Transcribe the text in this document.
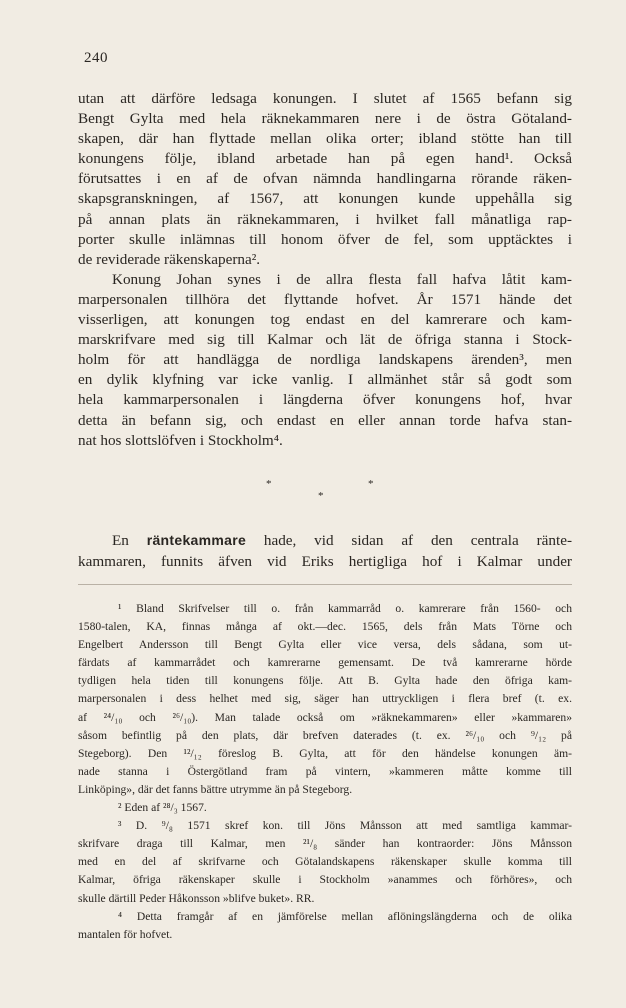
240
utan att därföre ledsaga konungen. I slutet af 1565 befann sig
Bengt Gylta med hela räknekammaren nere i de östra Götaland-
skapen, där han flyttade mellan olika orter; ibland stötte han till
konungens följe, ibland arbetade han på egen hand¹. Också
förutsattes i en af de ofvan nämnda handlingarna rörande räken-
skapsgranskningen, af 1567, att konungen kunde uppehålla sig
på annan plats än räknekammaren, i hvilket fall månatliga rap-
porter skulle inlämnas till honom öfver de fel, som upptäcktes i
de reviderade räkenskaperna².
Konung Johan synes i de allra flesta fall hafva låtit kam-
marpersonalen tillhöra det flyttande hofvet. År 1571 hände det
visserligen, att konungen tog endast en del kamrerare och kam-
marskrifvare med sig till Kalmar och lät de öfriga stanna i Stock-
holm för att handlägga de nordliga landskapens ärenden³, men
en dylik klyfning var icke vanlig. I allmänhet står så godt som
hela kammarpersonalen i längderna öfver konungens hof, hvar
detta än befann sig, och endast en eller annan torde hafva stan-
nat hos slottslöfven i Stockholm⁴.
*	*
*
En räntekammare hade, vid sidan af den centrala ränte-
kammaren, funnits äfven vid Eriks hertigliga hof i Kalmar under
¹ Bland Skrifvelser till o. från kammarråd o. kamrerare från 1560- och
1580-talen, KA, finnas många af okt.—dec. 1565, dels från Mats Törne och
Engelbert Andersson till Bengt Gylta eller vice versa, dels sådana, som ut-
färdats af kammarrådet och kamrerarne gemensamt. De två kamrerarne hörde
tydligen hela tiden till konungens följe. Att B. Gylta hade den öfriga kam-
marpersonalen i dess helhet med sig, säger han uttryckligen i flera bref (t. ex.
af ²⁴/₁₀ och ²⁶/₁₀). Man talade också om »räknekammaren» eller »kammaren»
såsom befintlig på den plats, där brefven daterades (t. ex. ²⁶/₁₀ och ⁹/₁₂ på
Stegeborg). Den ¹²/₁₂ föreslog B. Gylta, att för den händelse konungen äm-
nade stanna i Östergötland fram på vintern, »kammeren måtte komme till
Linköping», där det fanns bättre utrymme än på Stegeborg.
² Eden af ²⁸/₃ 1567.
³ D. ⁹/₈ 1571 skref kon. till Jöns Månsson att med samtliga kammar-
skrifvare draga till Kalmar, men ²¹/₈ sänder han kontraorder: Jöns Månsson
med en del af skrifvarne och Götalandskapens räkenskaper skulle komma till
Kalmar, öfriga räkenskaper skulle i Stockholm »anammes och förhöres», och
skulle därtill Peder Håkonsson »blifve buket». RR.
⁴ Detta framgår af en jämförelse mellan aflöningslängderna och de olika
mantalen för hofvet.
